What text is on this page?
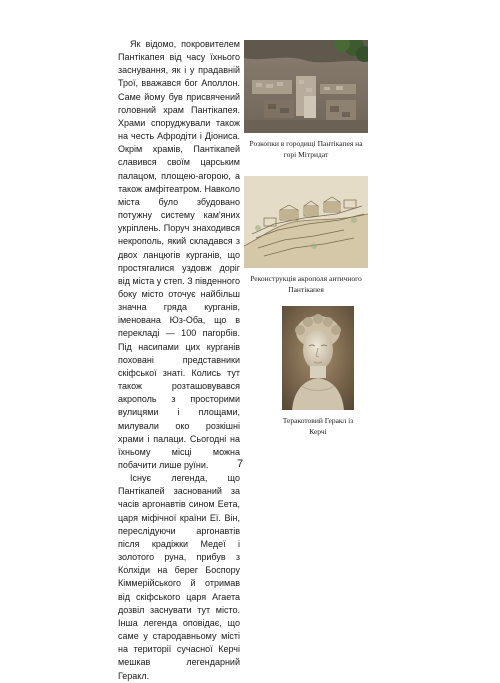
Як відомо, покровителем Пантікапея від часу їхнього заснування, як і у прадавній Трої, вважався бог Аполлон. Саме йому був присвячений головний храм Пантікапея. Храми споруджували також на честь Афродіти і Діониса. Окрім храмів, Пантікапей славився своїм царським палацом, площею-агорою, а також амфітеатром. Навколо міста було збудовано потужну систему кам'яних укріплень. Поруч знаходився некрополь, який складався з двох ланцюгів курганів, що простягалися уздовж доріг від міста у степ. З південного боку місто оточує найбільш значна гряда курганів, іменована Юз-Оба, що в перекладі — 100 пагорбів. Під насипами цих курганів поховані представники скіфської знаті. Колись тут також розташовувався акрополь з просторими вулицями і площами, милували око розкішні храми і палаци. Сьогодні на їхньому місці можна побачити лише руїни.

Існує легенда, що Пантікапей заснований за часів аргонавтів сином Еета, царя міфічної країни Еї. Він, переслідуючи аргонавтів після крадіжки Медеї і золотого руна, прибув з Колхіди на берег Боспору Кіммерійського й отримав від скіфського царя Агаета дозвіл заснувати тут місто. Інша легенда оповідає, що саме у стародавньому місті на території сучасної Керчі мешкав легендарний Геракл.

Розкопки в городищі Пантікапея на горі Мітридат
Реконструкція акрополя античного Пантікапея
Теракотовий Геракл із Керчі
7
